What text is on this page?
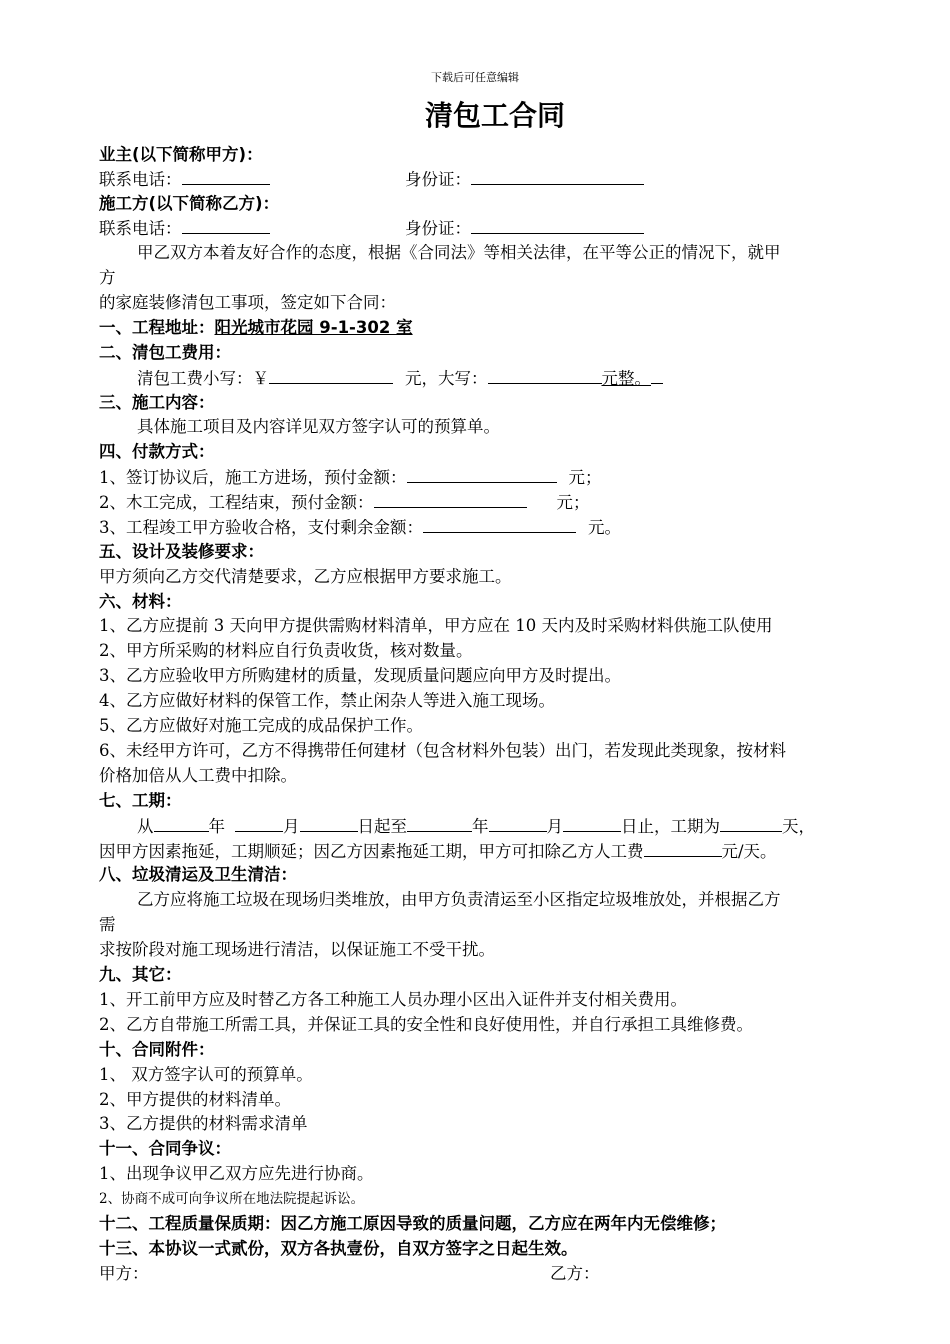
下载后可任意编辑
清包工合同
业主(以下简称甲方)：
联系电话：	身份证：
施工方(以下简称乙方)：
联系电话：	身份证：
甲乙双方本着友好合作的态度，根据《合同法》等相关法律，在平等公正的情况下，就甲
方
的家庭装修清包工事项，签定如下合同：
一、工程地址：阳光城市花园 9-1-302 室
二、清包工费用：
清包工费小写：￥	元，大写：	元整。
三、施工内容：
具体施工项目及内容详见双方签字认可的预算单。
四、付款方式：
1、签订协议后，施工方进场，预付金额：	元；
2、木工完成，工程结束，预付金额：	元；
3、工程竣工甲方验收合格，支付剩余金额：	元。
五、设计及装修要求：
甲方须向乙方交代清楚要求，乙方应根据甲方要求施工。
六、材料：
1、乙方应提前 3 天向甲方提供需购材料清单，甲方应在 10 天内及时采购材料供施工队使用
2、甲方所采购的材料应自行负责收货，核对数量。
3、乙方应验收甲方所购建材的质量，发现质量问题应向甲方及时提出。
4、乙方应做好材料的保管工作，禁止闲杂人等进入施工现场。
5、乙方应做好对施工完成的成品保护工作。
6、未经甲方许可，乙方不得携带任何建材（包含材料外包装）出门，若发现此类现象，按材料
价格加倍从人工费中扣除。
七、工期：
从	年	月	日起至	年	月	日止，工期为	天，
因甲方因素拖延，工期顺延；因乙方因素拖延工期，甲方可扣除乙方人工费	元/天。
八、垃圾清运及卫生清洁：
乙方应将施工垃圾在现场归类堆放，由甲方负责清运至小区指定垃圾堆放处，并根据乙方
需
求按阶段对施工现场进行清洁，以保证施工不受干扰。
九、其它：
1、开工前甲方应及时替乙方各工种施工人员办理小区出入证件并支付相关费用。
2、乙方自带施工所需工具，并保证工具的安全性和良好使用性，并自行承担工具维修费。
十、合同附件：
1、 双方签字认可的预算单。
2、甲方提供的材料清单。
3、乙方提供的材料需求清单
十一、合同争议：
1、出现争议甲乙双方应先进行协商。
2、协商不成可向争议所在地法院提起诉讼。
十二、工程质量保质期：因乙方施工原因导致的质量问题，乙方应在两年内无偿维修；
十三、本协议一式贰份，双方各执壹份，自双方签字之日起生效。
甲方：	乙方：
